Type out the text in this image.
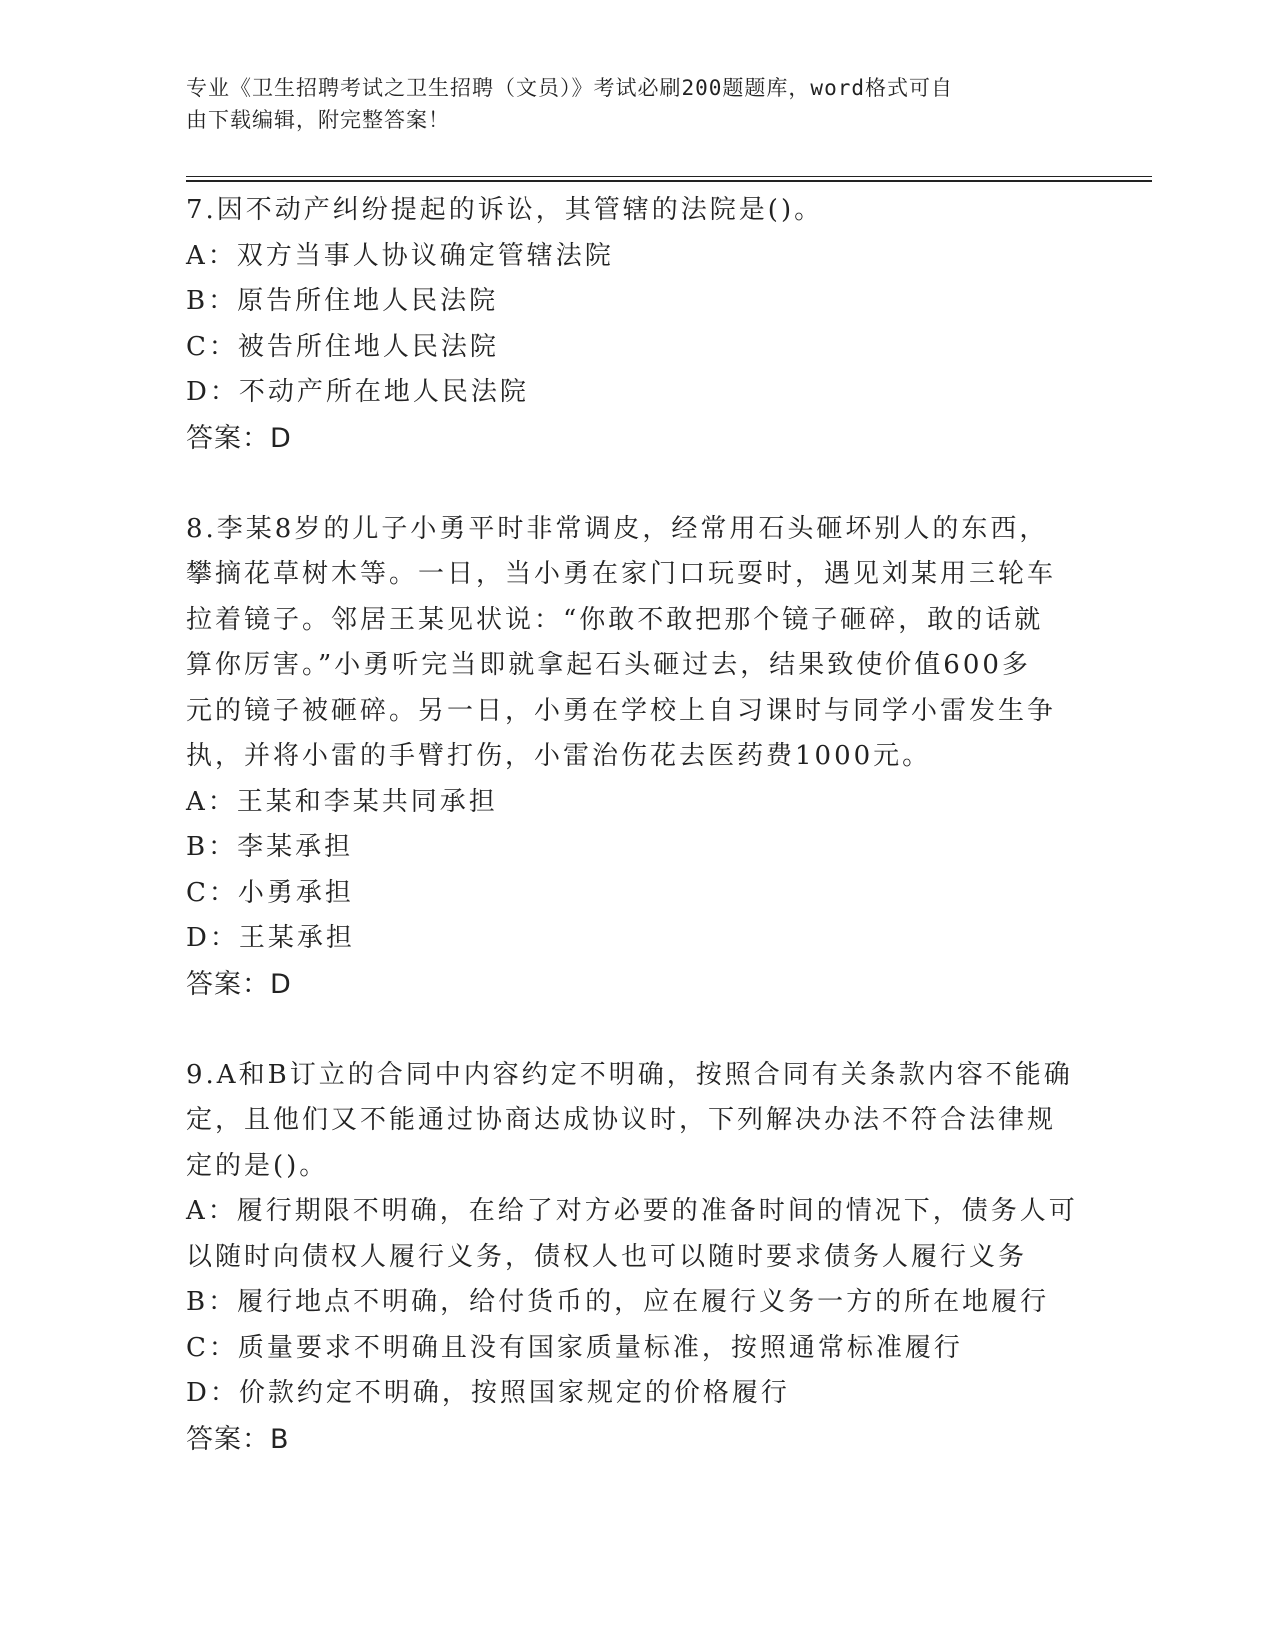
专业《卫生招聘考试之卫生招聘（文员）》考试必刷200题题库，word格式可自
由下载编辑，附完整答案！
7.因不动产纠纷提起的诉讼，其管辖的法院是()。
A：双方当事人协议确定管辖法院
B：原告所住地人民法院
C：被告所住地人民法院
D：不动产所在地人民法院
答案：D
8.李某8岁的儿子小勇平时非常调皮，经常用石头砸坏别人的东西，
攀摘花草树木等。一日，当小勇在家门口玩耍时，遇见刘某用三轮车
拉着镜子。邻居王某见状说：“你敢不敢把那个镜子砸碎，敢的话就
算你厉害。”小勇听完当即就拿起石头砸过去，结果致使价值600多
元的镜子被砸碎。另一日，小勇在学校上自习课时与同学小雷发生争
执，并将小雷的手臂打伤，小雷治伤花去医药费1000元。
A：王某和李某共同承担
B：李某承担
C：小勇承担
D：王某承担
答案：D
9.A和B订立的合同中内容约定不明确，按照合同有关条款内容不能确
定，且他们又不能通过协商达成协议时，下列解决办法不符合法律规
定的是()。
A：履行期限不明确，在给了对方必要的准备时间的情况下，债务人可
以随时向债权人履行义务，债权人也可以随时要求债务人履行义务
B：履行地点不明确，给付货币的，应在履行义务一方的所在地履行
C：质量要求不明确且没有国家质量标准，按照通常标准履行
D：价款约定不明确，按照国家规定的价格履行
答案：B
